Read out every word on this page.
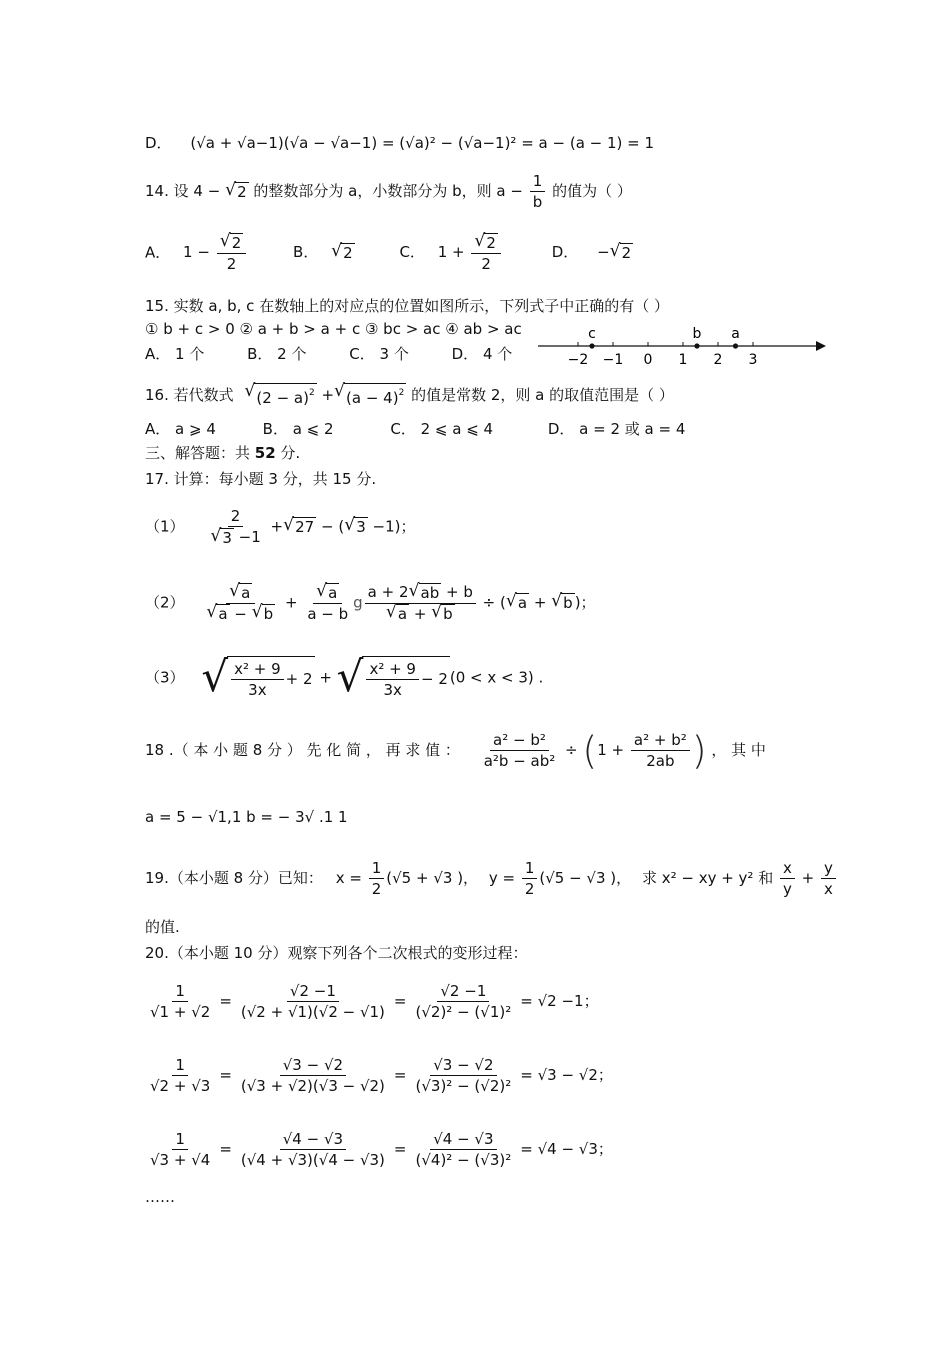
D． (√a + √a−1)(√a − √a−1) = (√a)² − (√a−1)² = a − (a − 1) = 1
14. 设 4 − √ 2 的整数部分为 a，小数部分为 b，则 $a - \frac{1}{b}$ 的值为（ ）
A． $1 - \frac{√ 2}{2}$	B． √ 2	C． $1 + \frac{√ 2}{2}$	D． − √ 2
15. 实数 a, b, c 在数轴上的对应点的位置如图所示，下列式子中正确的有（ ）
① b + c > 0 ② a + b > a + c ③ bc > ac ④ ab > ac
A． 1 个	B． 2 个	C． 3 个	D． 4 个	−2 −1 0 1 2 3
c	b a
16. 若代数式 √ $(2 - a)^2$ + √ $(a - 4)^2$ 的值是常数 2，则 a 的取值范围是（ ）
A． a ⩾ 4	B． a ⩽ 2	C． 2 ⩽ a ⩽ 4	D． a = 2 或 a = 4
三、解答题：共 52 分.
17. 计算：每小题 3 分，共 15 分.
$(1) \frac{2}{√ 3 -1}$ + √ 27 − ( √ 3 −1)；
$(2) \frac{√ a}{√ a - √ b} + \frac{√ a}{a - b}$ g $\frac{a + 2 √ ab + b}{√ a + √ b}$ ÷ ( √ a + √ b )；
（3） √ $\frac{\text{x² + 9}}{3x} + 2$ + √ $\frac{\text{x² + 9}}{3x} - 2$ (0 < x < 3) .
18 .（ 本 小 题 8 分 ） 先 化 简 ， 再 求 值 ： $\frac{\text{a² − b²}}{\text{a²b − ab²}} \div (1 + \frac{\text{a² + b²}}{2ab}$ ) ， 其 中
a = 5 − √1,1 b = − 3√ .1 1
19.（本小题 8 分）已知： $x = \frac{1}{2} (√5 + √3$ )， $y = \frac{1}{2} (√5 - √3$ )， 求 x² − xy + y² 和 $\frac{x}{y} + \frac{y}{x}$
的值.
20.（本小题 10 分）观察下列各个二次根式的变形过程：
$\frac{1}{√1 + √2} = \frac{√2 -1}{(√2 + √1)(√2 - √1)} = \frac{√2 -1}{\text{(√2)² − (√1)²}} = √2 -1$；
$\frac{1}{√2 + √3} = \frac{√3 - √2}{(√3 + √2)(√3 - √2)} = \frac{√3 - √2}{\text{(√3)² − (√2)²}} = √3 - √2$；
$\frac{1}{√3 + √4} = \frac{√4 - √3}{(√4 + √3)(√4 - √3)} = \frac{√4 - √3}{\text{(√4)² − (√3)²}} = √4 - √3$；
……
